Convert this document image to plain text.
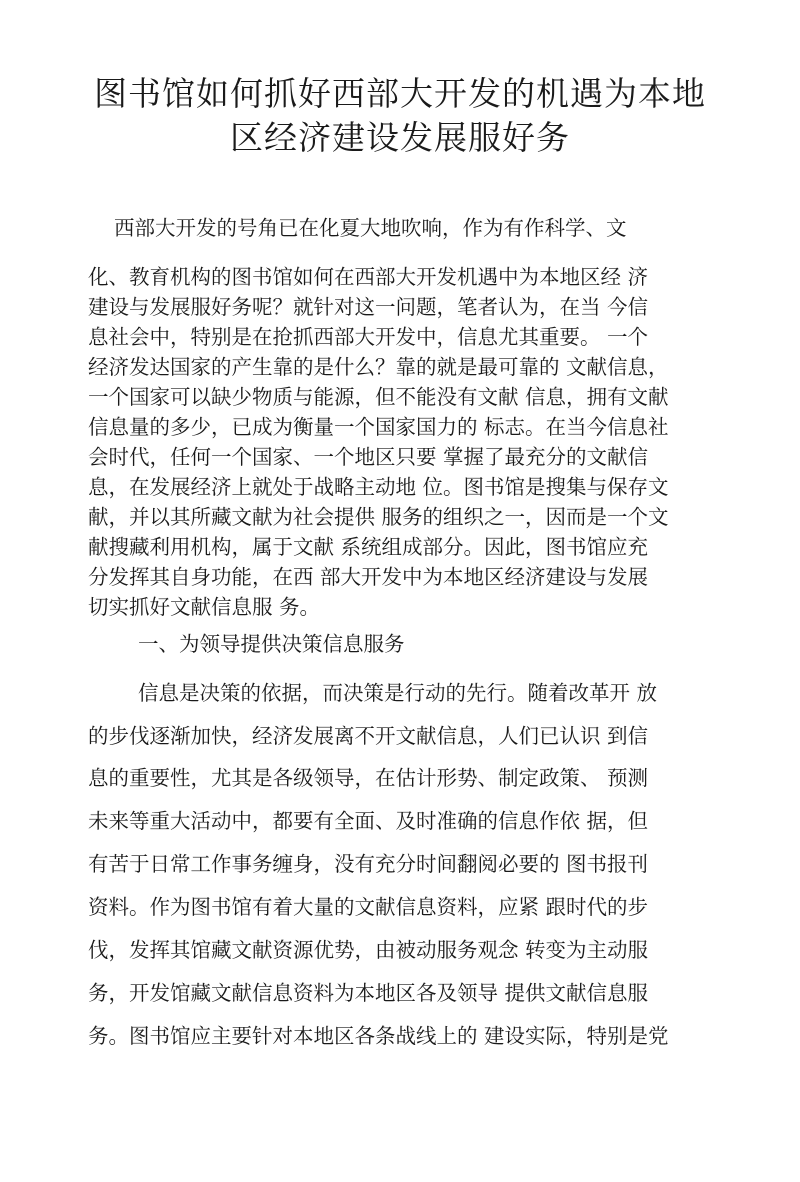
图书馆如何抓好西部大开发的机遇为本地
区经济建设发展服好务

西部大开发的号角已在化夏大地吹响，作为有作科学、文

化、教育机构的图书馆如何在西部大开发机遇中为本地区经 济

建设与发展服好务呢？就针对这一问题，笔者认为，在当 今信

息社会中，特别是在抢抓西部大开发中，信息尤其重要。 一个

经济发达国家的产生靠的是什么？靠的就是最可靠的 文献信息，

一个国家可以缺少物质与能源，但不能没有文献 信息，拥有文献

信息量的多少，已成为衡量一个国家国力的 标志。在当今信息社

会时代，任何一个国家、一个地区只要 掌握了最充分的文献信

息，在发展经济上就处于战略主动地 位。图书馆是搜集与保存文

献，并以其所藏文献为社会提供 服务的组织之一，因而是一个文

献搜藏利用机构，属于文献 系统组成部分。因此，图书馆应充

分发挥其自身功能，在西 部大开发中为本地区经济建设与发展

切实抓好文献信息服 务。

一、为领导提供决策信息服务

信息是决策的依据，而决策是行动的先行。随着改革开 放

的步伐逐渐加快，经济发展离不开文献信息，人们已认识 到信

息的重要性，尤其是各级领导，在估计形势、制定政策、 预测

未来等重大活动中，都要有全面、及时准确的信息作依 据，但

有苦于日常工作事务缠身，没有充分时间翻阅必要的 图书报刊

资料。作为图书馆有着大量的文献信息资料，应紧 跟时代的步

伐，发挥其馆藏文献资源优势，由被动服务观念 转变为主动服

务，开发馆藏文献信息资料为本地区各及领导 提供文献信息服

务。图书馆应主要针对本地区各条战线上的 建设实际，特别是党
